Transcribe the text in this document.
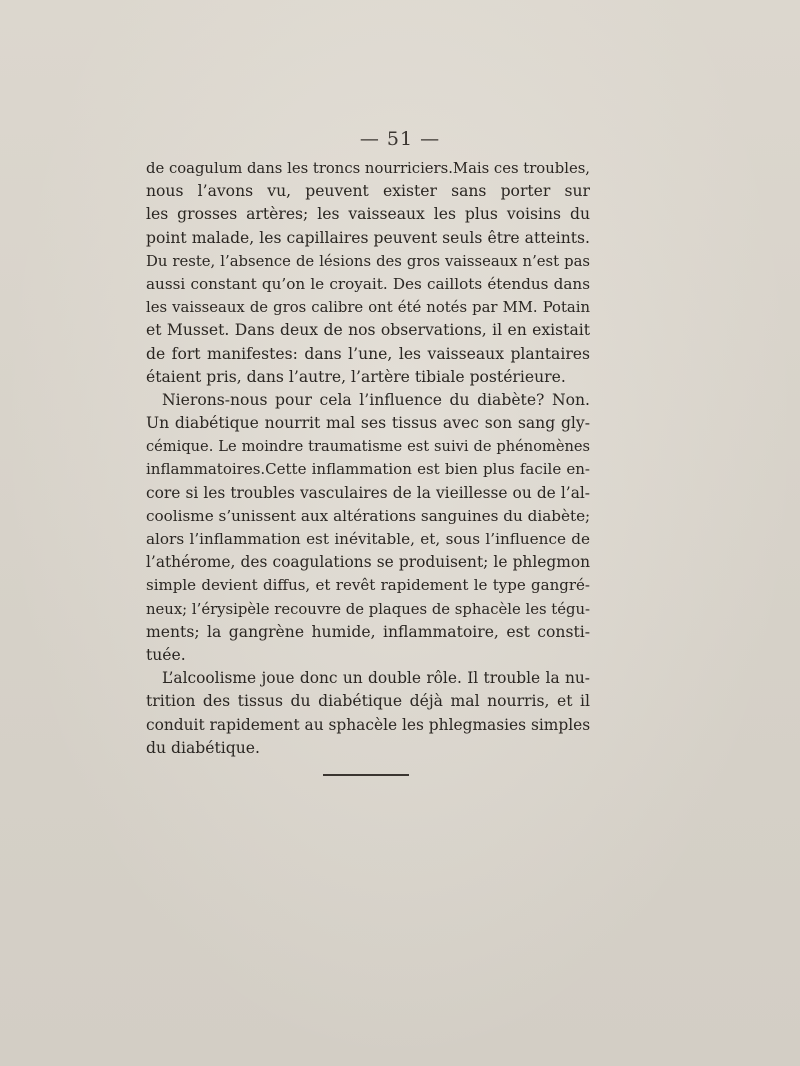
— 51 —
de coagulum dans les troncs nourriciers.Mais ces troubles,
nous l’avons vu, peuvent exister sans porter sur
les grosses artères; les vaisseaux les plus voisins du
point malade, les capillaires peuvent seuls être atteints.
Du reste, l’absence de lésions des gros vaisseaux n’est pas
aussi constant qu’on le croyait. Des caillots étendus dans
les vaisseaux de gros calibre ont été notés par MM. Potain
et Musset. Dans deux de nos observations, il en existait
de fort manifestes: dans l’une, les vaisseaux plantaires
étaient pris, dans l’autre, l’artère tibiale postérieure.
Nierons-nous pour cela l’influence du diabète? Non.
Un diabétique nourrit mal ses tissus avec son sang gly-
cémique. Le moindre traumatisme est suivi de phénomènes
inflammatoires.Cette inflammation est bien plus facile en-
core si les troubles vasculaires de la vieillesse ou de l’al-
coolisme s’unissent aux altérations sanguines du diabète;
alors l’inflammation est inévitable, et, sous l’influence de
l’athérome, des coagulations se produisent; le phlegmon
simple devient diffus, et revêt rapidement le type gangré-
neux; l’érysipèle recouvre de plaques de sphacèle les tégu-
ments; la gangrène humide, inflammatoire, est consti-
tuée.
L’alcoolisme joue donc un double rôle. Il trouble la nu-
trition des tissus du diabétique déjà mal nourris, et il
conduit rapidement au sphacèle les phlegmasies simples
du diabétique.
